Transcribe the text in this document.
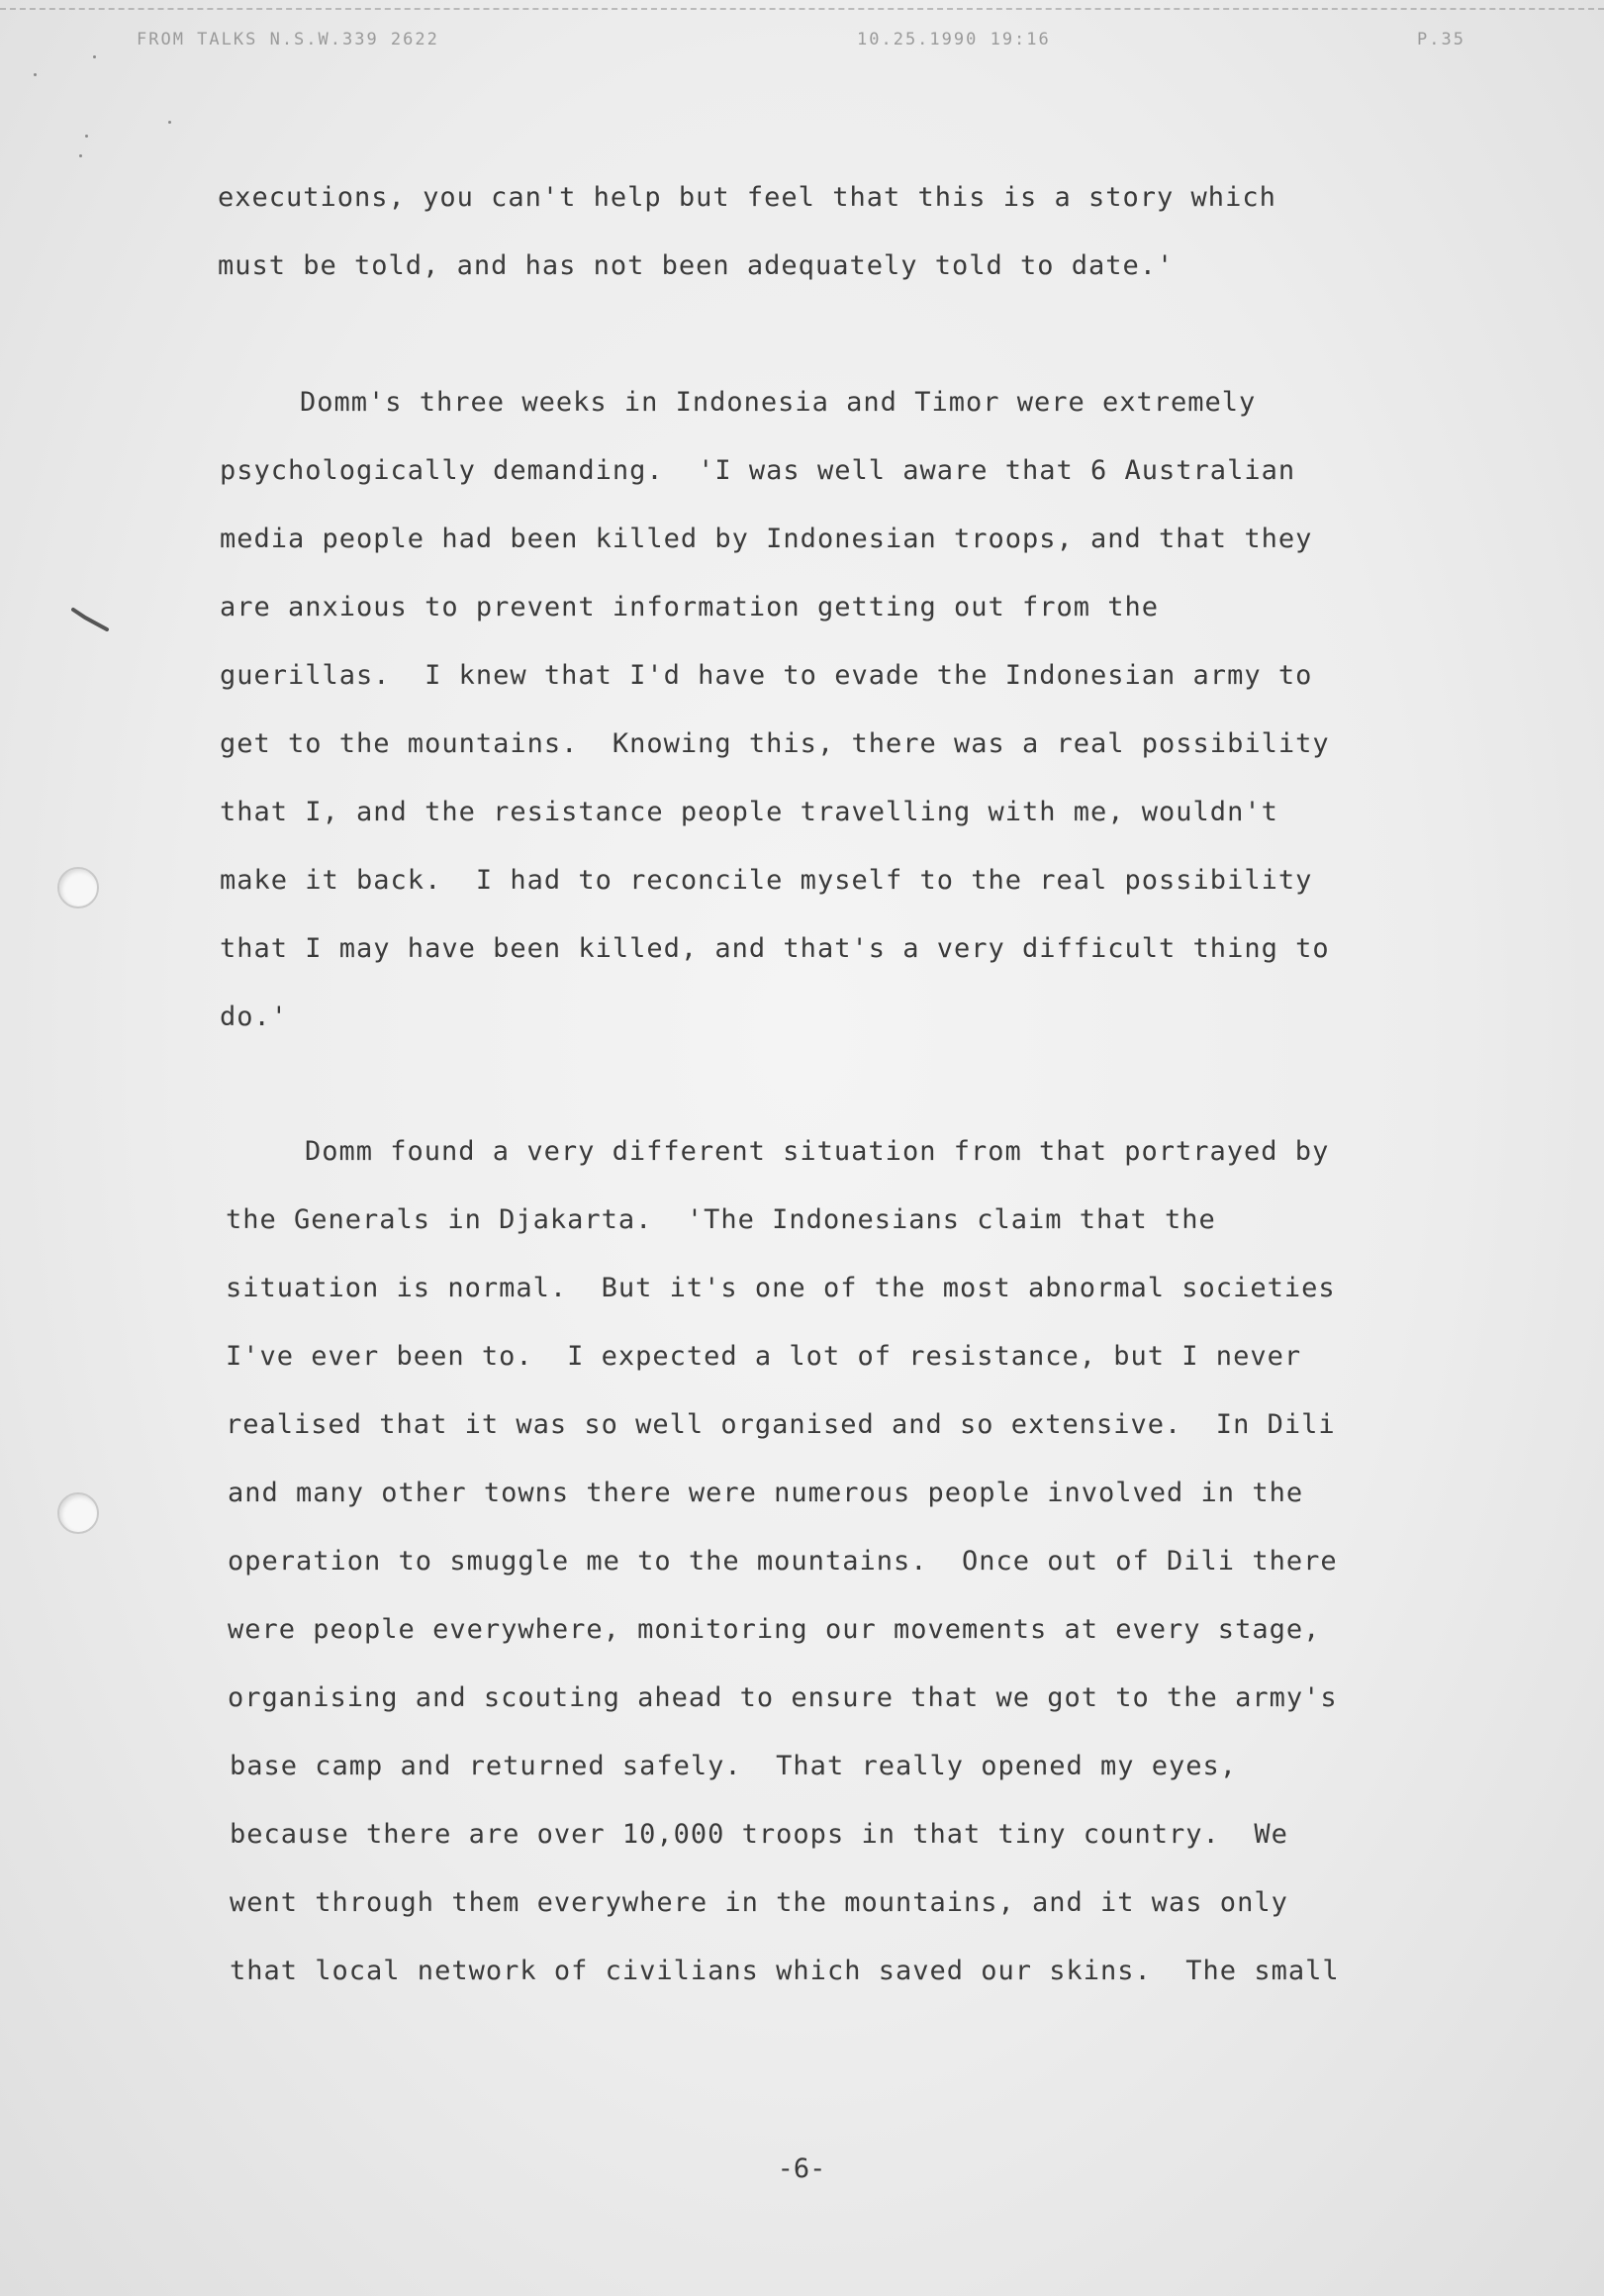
FROM TALKS N.S.W.339 2622	10.25.1990 19:16	P.35
executions, you can't help but feel that this is a story which
must be told, and has not been adequately told to date.'
Domm's three weeks in Indonesia and Timor were extremely
psychologically demanding.  'I was well aware that 6 Australian
media people had been killed by Indonesian troops, and that they
are anxious to prevent information getting out from the
guerillas.  I knew that I'd have to evade the Indonesian army to
get to the mountains.  Knowing this, there was a real possibility
that I, and the resistance people travelling with me, wouldn't
make it back.  I had to reconcile myself to the real possibility
that I may have been killed, and that's a very difficult thing to
do.'
Domm found a very different situation from that portrayed by
the Generals in Djakarta.  'The Indonesians claim that the
situation is normal.  But it's one of the most abnormal societies
I've ever been to.  I expected a lot of resistance, but I never
realised that it was so well organised and so extensive.  In Dili
and many other towns there were numerous people involved in the
operation to smuggle me to the mountains.  Once out of Dili there
were people everywhere, monitoring our movements at every stage,
organising and scouting ahead to ensure that we got to the army's
base camp and returned safely.  That really opened my eyes,
because there are over 10,000 troops in that tiny country.  We
went through them everywhere in the mountains, and it was only
that local network of civilians which saved our skins.  The small
-6-
